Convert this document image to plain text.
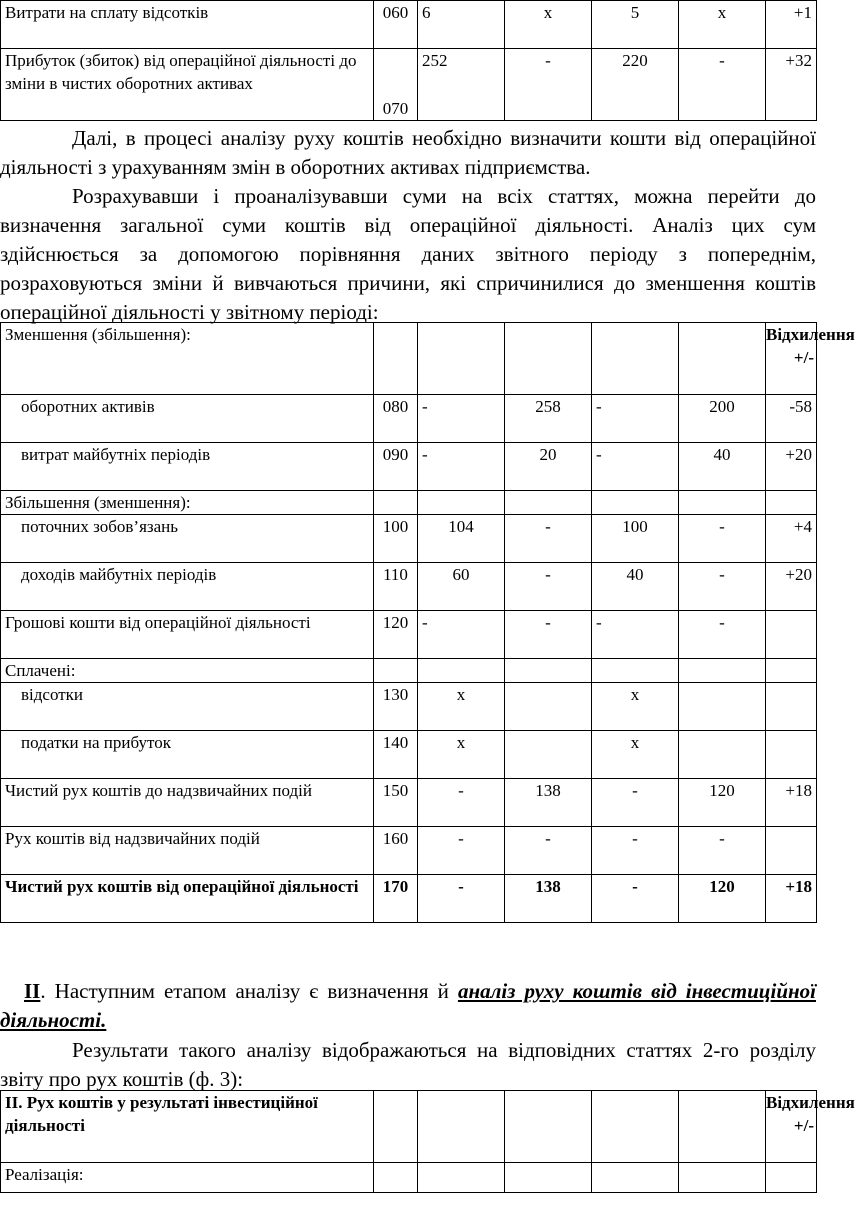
Витрати на сплату відсотків	060	6	х	5	х	+1
Прибуток (збиток) від операційної діяльності до зміни в чистих оборотних активах	070	252	-	220	-	+32

Далі, в процесі аналізу руху коштів необхідно визначити кошти від операційної діяльності з урахуванням змін в оборотних активах підприємства.

Розрахувавши і проаналізувавши суми на всіх статтях, можна перейти до визначення загальної суми коштів від операційної діяльності. Аналіз цих сум здійснюється за допомогою порівняння даних звітного періоду з попереднім, розраховуються зміни й вивчаються причини, які спричинилися до зменшення коштів операційної діяльності у звітному періоді:

Зменшення (збільшення):						Відхилення +/-
оборотних активів	080	-	258	-	200	-58
витрат майбутніх періодів	090	-	20	-	40	+20
Збільшення (зменшення):						
поточних зобов’язань	100	104	-	100	-	+4
доходів майбутніх періодів	110	60	-	40	-	+20
Грошові кошти від операційної діяльності	120	-	-	-	-	
Сплачені:						
відсотки	130	х		х		
податки на прибуток	140	х		х		
Чистий рух коштів до надзвичайних подій	150	-	138	-	120	+18
Рух коштів від надзвичайних подій	160	-	-	-	-	
Чистий рух коштів від операційної діяльності	170	-	138	-	120	+18

II. Наступним етапом аналізу є визначення й аналіз руху коштів від інвестиційної діяльності.

Результати такого аналізу відображаються на відповідних статтях 2-го розділу звіту про рух коштів (ф. 3):

ІІ. Рух коштів у результаті інвестиційної діяльності						Відхилення +/-
Реалізація:						
